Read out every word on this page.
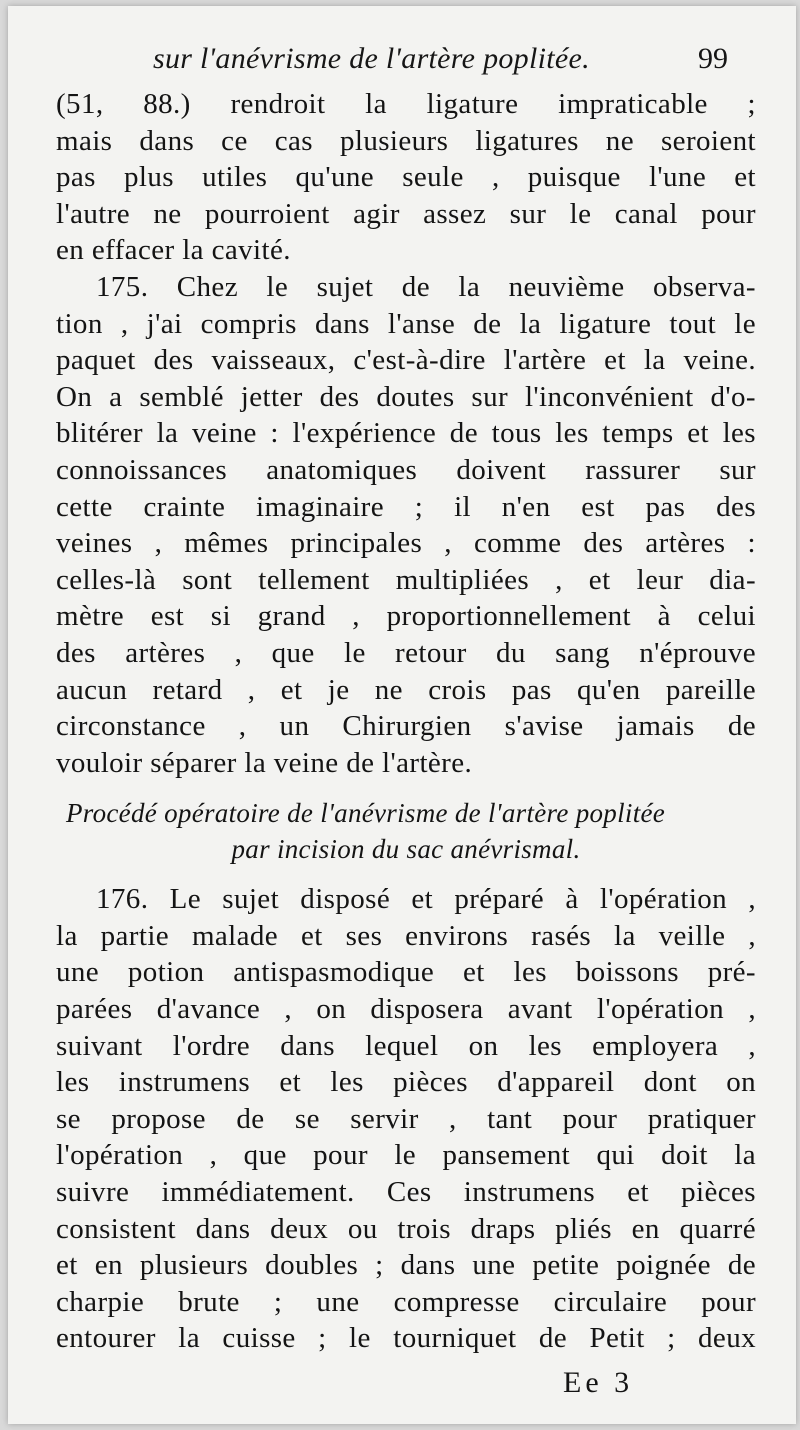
sur l'anévrisme de l'artère poplitée.	99
(51, 88.) rendroit la ligature impraticable ;
mais dans ce cas plusieurs ligatures ne seroient
pas plus utiles qu'une seule , puisque l'une et
l'autre ne pourroient agir assez sur le canal pour
en effacer la cavité.
175. Chez le sujet de la neuvième observa-
tion , j'ai compris dans l'anse de la ligature tout le
paquet des vaisseaux, c'est-à-dire l'artère et la veine.
On a semblé jetter des doutes sur l'inconvénient d'o-
blitérer la veine : l'expérience de tous les temps et les
connoissances anatomiques doivent rassurer sur
cette crainte imaginaire ; il n'en est pas des
veines , mêmes principales , comme des artères :
celles-là sont tellement multipliées , et leur dia-
mètre est si grand , proportionnellement à celui
des artères , que le retour du sang n'éprouve
aucun retard , et je ne crois pas qu'en pareille
circonstance , un Chirurgien s'avise jamais de
vouloir séparer la veine de l'artère.
Procédé opératoire de l'anévrisme de l'artère poplitée
par incision du sac anévrismal.
176. Le sujet disposé et préparé à l'opération ,
la partie malade et ses environs rasés la veille ,
une potion antispasmodique et les boissons pré-
parées d'avance , on disposera avant l'opération ,
suivant l'ordre dans lequel on les employera ,
les instrumens et les pièces d'appareil dont on
se propose de se servir , tant pour pratiquer
l'opération , que pour le pansement qui doit la
suivre immédiatement. Ces instrumens et pièces
consistent dans deux ou trois draps pliés en quarré
et en plusieurs doubles ; dans une petite poignée de
charpie brute ; une compresse circulaire pour
entourer la cuisse ; le tourniquet de Petit ; deux
Ee 3
